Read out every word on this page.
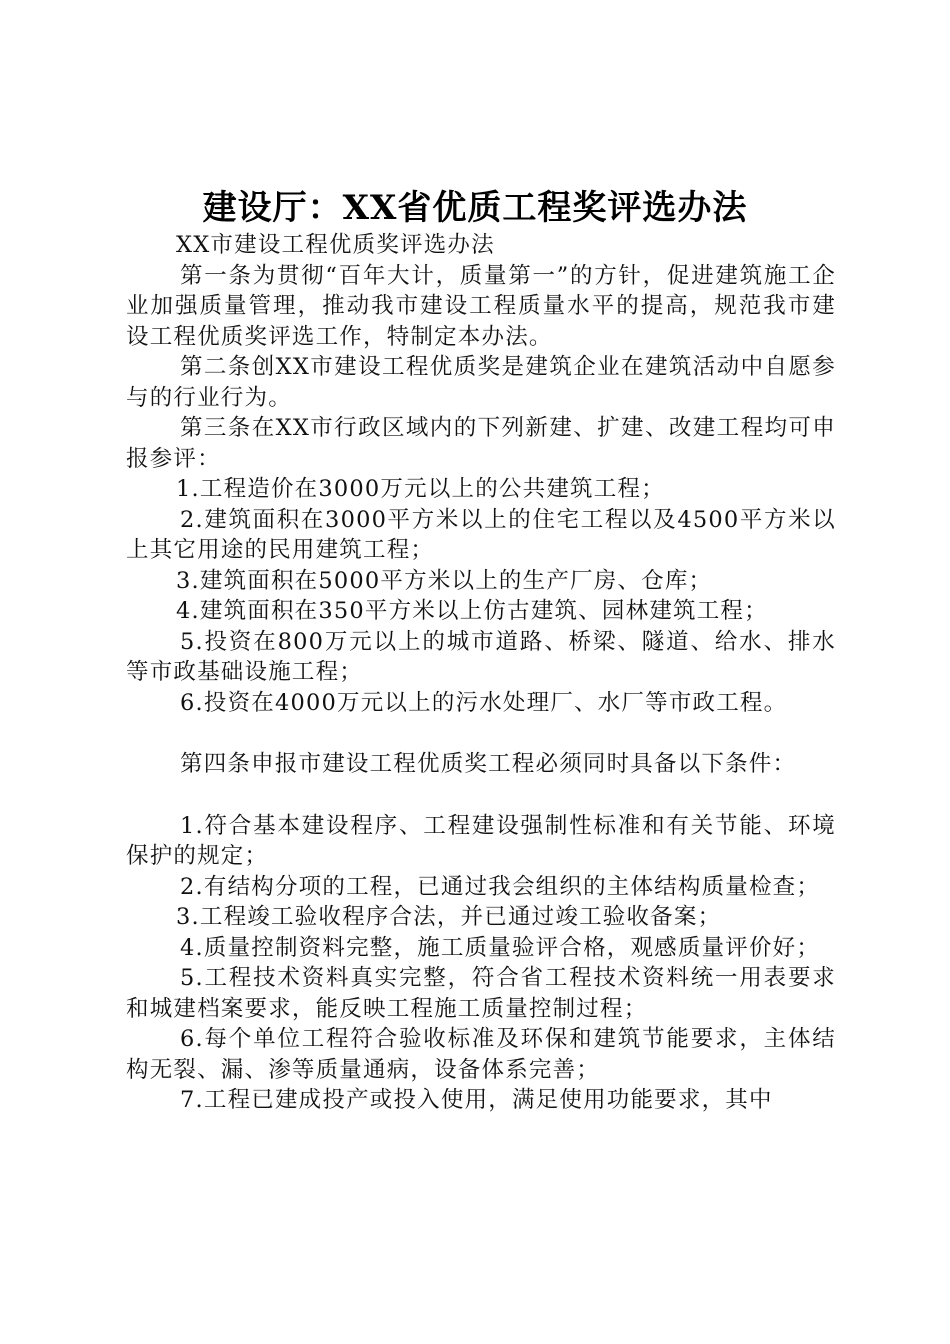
建设厅：XX省优质工程奖评选办法

XX市建设工程优质奖评选办法

第一条为贯彻“百年大计，质量第一”的方针，促进建筑施工企业加强质量管理，推动我市建设工程质量水平的提高，规范我市建设工程优质奖评选工作，特制定本办法。

第二条创XX市建设工程优质奖是建筑企业在建筑活动中自愿参与的行业行为。

第三条在XX市行政区域内的下列新建、扩建、改建工程均可申报参评：

1.工程造价在3000万元以上的公共建筑工程；

2.建筑面积在3000平方米以上的住宅工程以及4500平方米以上其它用途的民用建筑工程；

3.建筑面积在5000平方米以上的生产厂房、仓库；

4.建筑面积在350平方米以上仿古建筑、园林建筑工程；

5.投资在800万元以上的城市道路、桥梁、隧道、给水、排水等市政基础设施工程；

6.投资在4000万元以上的污水处理厂、水厂等市政工程。

第四条申报市建设工程优质奖工程必须同时具备以下条件：

1.符合基本建设程序、工程建设强制性标准和有关节能、环境保护的规定；

2.有结构分项的工程，已通过我会组织的主体结构质量检查；

3.工程竣工验收程序合法，并已通过竣工验收备案；

4.质量控制资料完整，施工质量验评合格，观感质量评价好；

5.工程技术资料真实完整，符合省工程技术资料统一用表要求和城建档案要求，能反映工程施工质量控制过程；

6.每个单位工程符合验收标准及环保和建筑节能要求，主体结构无裂、漏、渗等质量通病，设备体系完善；

7.工程已建成投产或投入使用，满足使用功能要求，其中
